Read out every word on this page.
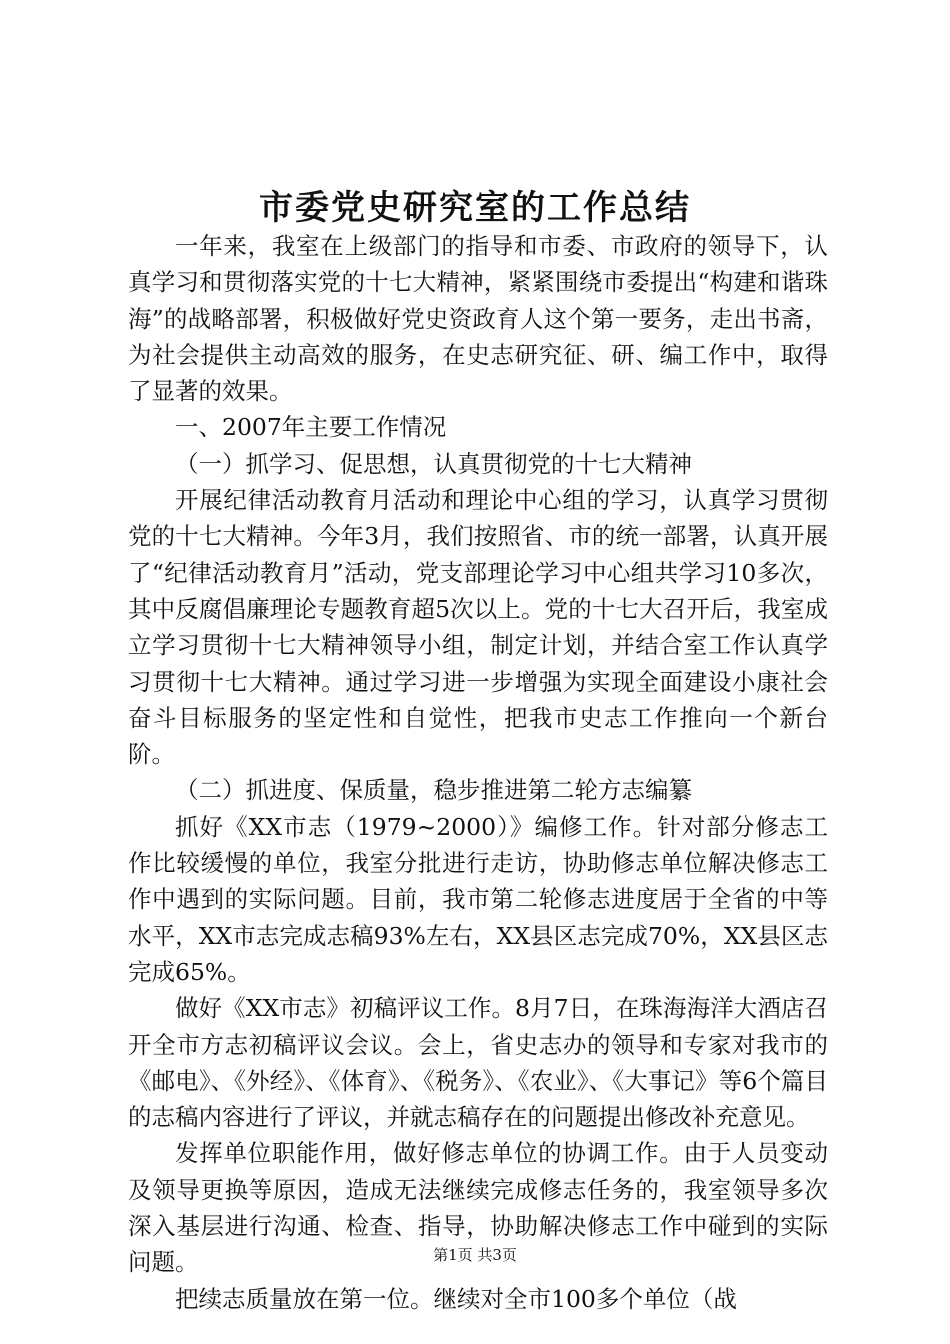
市委党史研究室的工作总结

一年来，我室在上级部门的指导和市委、市政府的领导下，认真学习和贯彻落实党的十七大精神，紧紧围绕市委提出“构建和谐珠海”的战略部署，积极做好党史资政育人这个第一要务，走出书斋，为社会提供主动高效的服务，在史志研究征、研、编工作中，取得了显著的效果。

一、2007年主要工作情况

（一）抓学习、促思想，认真贯彻党的十七大精神

开展纪律活动教育月活动和理论中心组的学习，认真学习贯彻党的十七大精神。今年3月，我们按照省、市的统一部署，认真开展了“纪律活动教育月”活动，党支部理论学习中心组共学习10多次，其中反腐倡廉理论专题教育超5次以上。党的十七大召开后，我室成立学习贯彻十七大精神领导小组，制定计划，并结合室工作认真学习贯彻十七大精神。通过学习进一步增强为实现全面建设小康社会奋斗目标服务的坚定性和自觉性，把我市史志工作推向一个新台阶。

（二）抓进度、保质量，稳步推进第二轮方志编纂

抓好《XX市志（1979~2000）》编修工作。针对部分修志工作比较缓慢的单位，我室分批进行走访，协助修志单位解决修志工作中遇到的实际问题。目前，我市第二轮修志进度居于全省的中等水平，XX市志完成志稿93%左右，XX县区志完成70%，XX县区志完成65%。

做好《XX市志》初稿评议工作。8月7日，在珠海海洋大酒店召开全市方志初稿评议会议。会上，省史志办的领导和专家对我市的《邮电》、《外经》、《体育》、《税务》、《农业》、《大事记》等6个篇目的志稿内容进行了评议，并就志稿存在的问题提出修改补充意见。

发挥单位职能作用，做好修志单位的协调工作。由于人员变动及领导更换等原因，造成无法继续完成修志任务的，我室领导多次深入基层进行沟通、检查、指导，协助解决修志工作中碰到的实际问题。

把续志质量放在第一位。继续对全市100多个单位（战

第1页 共3页
